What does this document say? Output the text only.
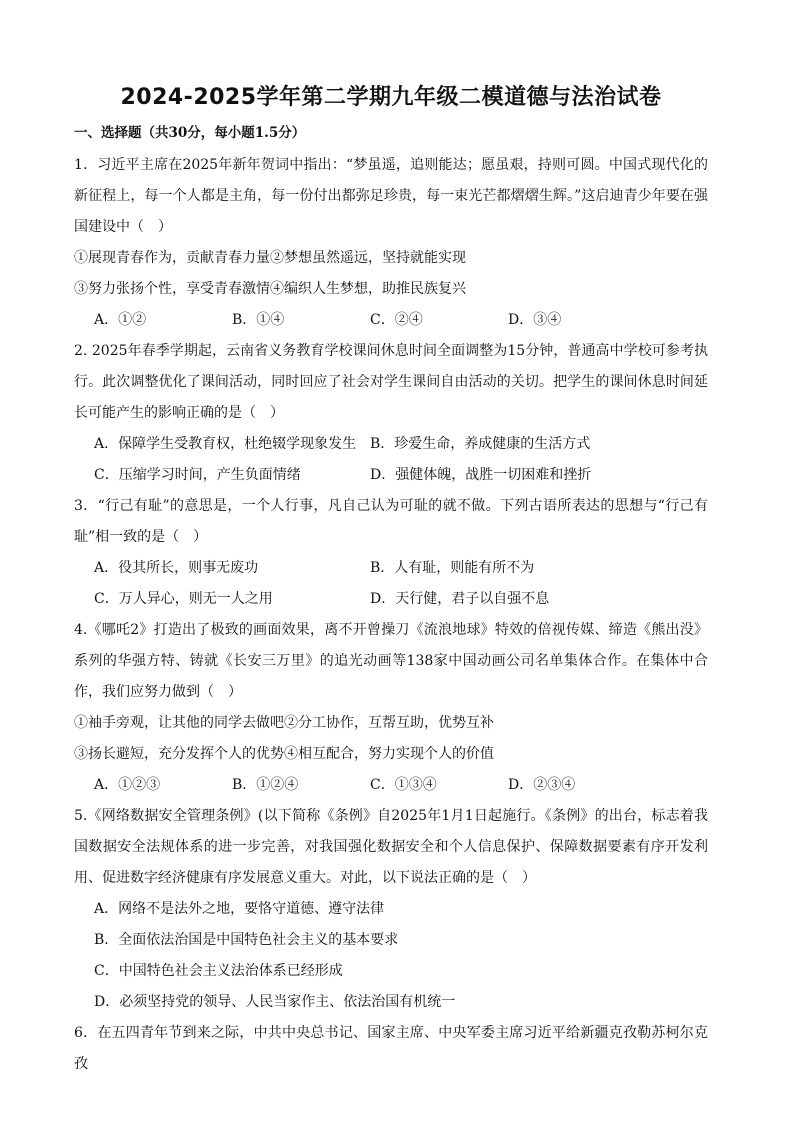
2024-2025学年第二学期九年级二模道德与法治试卷
一、选择题（共30分，每小题1.5分）

1．习近平主席在2025年新年贺词中指出：“梦虽遥，追则能达；愿虽艰，持则可圆。中国式现代化的新征程上，每一个人都是主角，每一份付出都弥足珍贵，每一束光芒都熠熠生辉。”这启迪青少年要在强国建设中（　）

①展现青春作为，贡献青春力量②梦想虽然遥远，坚持就能实现
③努力张扬个性，享受青春激情④编织人生梦想，助推民族复兴
A．①②	B．①④	C．②④	D．③④

2. 2025年春季学期起，云南省义务教育学校课间休息时间全面调整为15分钟，普通高中学校可参考执行。此次调整优化了课间活动，同时回应了社会对学生课间自由活动的关切。把学生的课间休息时间延长可能产生的影响正确的是（　）

A．保障学生受教育权，杜绝辍学现象发生 B．珍爱生命，养成健康的生活方式
C．压缩学习时间，产生负面情绪	D．强健体魄，战胜一切困难和挫折

3．“行己有耻”的意思是，一个人行事，凡自己认为可耻的就不做。下列古语所表达的思想与“行己有耻”相一致的是（　）

A．役其所长，则事无废功	B．人有耻，则能有所不为
C．万人异心，则无一人之用	D．天行健，君子以自强不息

4.《哪吒2》打造出了极致的画面效果，离不开曾操刀《流浪地球》特效的倍视传媒、缔造《熊出没》系列的华强方特、铸就《长安三万里》的追光动画等138家中国动画公司名单集体合作。在集体中合作，我们应努力做到（　）

①袖手旁观，让其他的同学去做吧②分工协作，互帮互助，优势互补
③扬长避短，充分发挥个人的优势④相互配合，努力实现个人的价值
A．①②③	B．①②④	C．①③④	D．②③④

5.《网络数据安全管理条例》(以下简称《条例》自2025年1月1日起施行。《条例》的出台，标志着我国数据安全法规体系的进一步完善，对我国强化数据安全和个人信息保护、保障数据要素有序开发利用、促进数字经济健康有序发展意义重大。对此，以下说法正确的是（　）

A．网络不是法外之地，要恪守道德、遵守法律
B．全面依法治国是中国特色社会主义的基本要求
C．中国特色社会主义法治体系已经形成
D．必须坚持党的领导、人民当家作主、依法治国有机统一

6．在五四青年节到来之际，中共中央总书记、国家主席、中央军委主席习近平给新疆克孜勒苏柯尔克孜
